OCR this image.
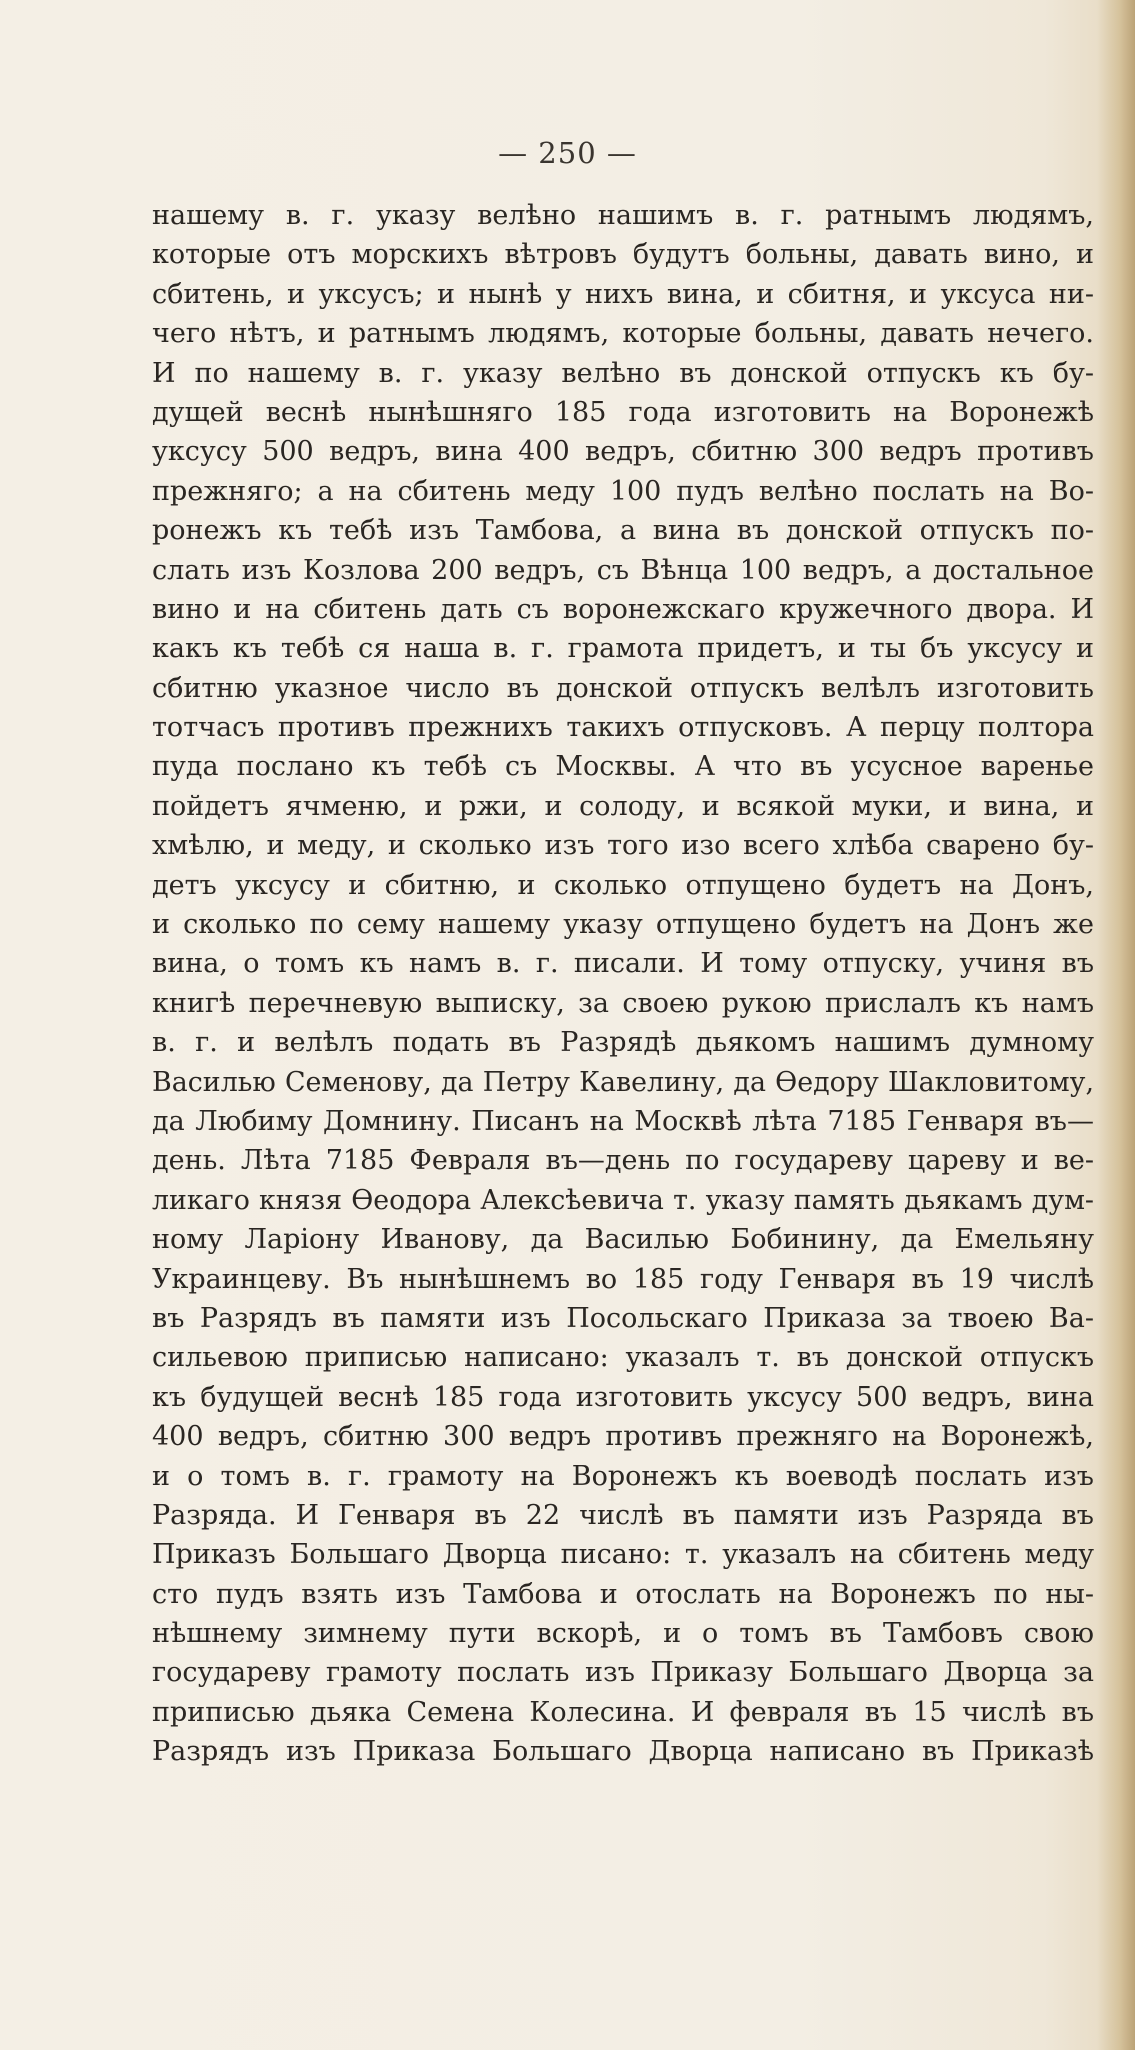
— 250 —
нашему в. г. указу велѣно нашимъ в. г. ратнымъ людямъ,
которые отъ морскихъ вѣтровъ будутъ больны, давать вино, и
сбитень, и уксусъ; и нынѣ у нихъ вина, и сбитня, и уксуса ни-
чего нѣтъ, и ратнымъ людямъ, которые больны, давать нечего.
И по нашему в. г. указу велѣно въ донской отпускъ къ бу-
дущей веснѣ нынѣшняго 185 года изготовить на Воронежѣ
уксусу 500 ведръ, вина 400 ведръ, сбитню 300 ведръ противъ
прежняго; а на сбитень меду 100 пудъ велѣно послать на Во-
ронежъ къ тебѣ изъ Тамбова, а вина въ донской отпускъ по-
слать изъ Козлова 200 ведръ, съ Вѣнца 100 ведръ, а достальное
вино и на сбитень дать съ воронежскаго кружечного двора. И
какъ къ тебѣ ся наша в. г. грамота придетъ, и ты бъ уксусу и
сбитню указное число въ донской отпускъ велѣлъ изготовить
тотчасъ противъ прежнихъ такихъ отпусковъ. А перцу полтора
пуда послано къ тебѣ съ Москвы. А что въ усусное варенье
пойдетъ ячменю, и ржи, и солоду, и всякой муки, и вина, и
хмѣлю, и меду, и сколько изъ того изо всего хлѣба сварено бу-
детъ уксусу и сбитню, и сколько отпущено будетъ на Донъ,
и сколько по сему нашему указу отпущено будетъ на Донъ же
вина, о томъ къ намъ в. г. писали. И тому отпуску, учиня въ
книгѣ перечневую выписку, за своею рукою прислалъ къ намъ
в. г. и велѣлъ подать въ Разрядѣ дьякомъ нашимъ думному
Василью Семенову, да Петру Кавелину, да Ѳедору Шакловитому,
да Любиму Домнину. Писанъ на Москвѣ лѣта 7185 Генваря въ—
день. Лѣта 7185 Февраля въ—день по государеву цареву и ве-
ликаго князя Ѳеодора Алексѣевича т. указу память дьякамъ дум-
ному Ларіону Иванову, да Василью Бобинину, да Емельяну
Украинцеву. Въ нынѣшнемъ во 185 году Генваря въ 19 числѣ
въ Разрядъ въ памяти изъ Посольскаго Приказа за твоею Ва-
сильевою приписью написано: указалъ т. въ донской отпускъ
къ будущей веснѣ 185 года изготовить уксусу 500 ведръ, вина
400 ведръ, сбитню 300 ведръ противъ прежняго на Воронежѣ,
и о томъ в. г. грамоту на Воронежъ къ воеводѣ послать изъ
Разряда. И Генваря въ 22 числѣ въ памяти изъ Разряда въ
Приказъ Большаго Дворца писано: т. указалъ на сбитень меду
сто пудъ взять изъ Тамбова и отослать на Воронежъ по ны-
нѣшнему зимнему пути вскорѣ, и о томъ въ Тамбовъ свою
государеву грамоту послать изъ Приказу Большаго Дворца за
приписью дьяка Семена Колесина. И февраля въ 15 числѣ въ
Разрядъ изъ Приказа Большаго Дворца написано въ Приказѣ
